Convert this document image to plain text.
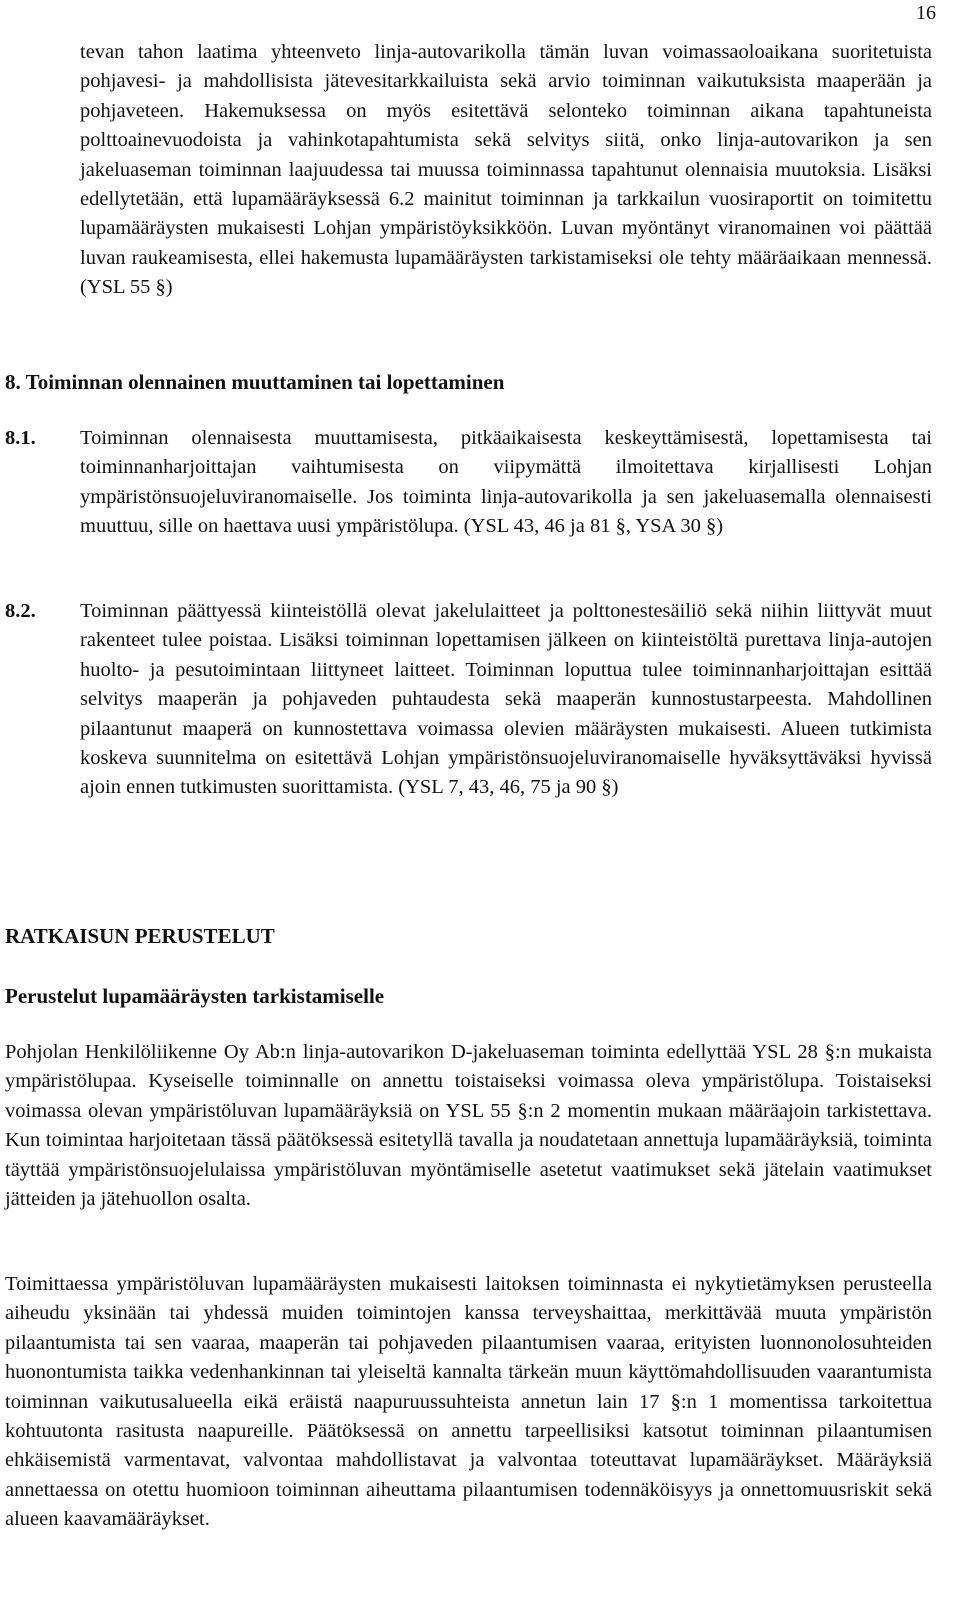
16

tevan tahon laatima yhteenveto linja-autovarikolla tämän luvan voimassaoloaikana suoritetuista pohjavesi- ja mahdollisista jätevesitarkkailuista sekä arvio toiminnan vaikutuksista maaperään ja pohjaveteen. Hakemuksessa on myös esitettävä selonteko toiminnan aikana tapahtuneista polttoainevuodoista ja vahinkotapahtumista sekä selvitys siitä, onko linja-autovarikon ja sen jakeluaseman toiminnan laajuudessa tai muussa toiminnassa tapahtunut olennaisia muutoksia. Lisäksi edellytetään, että lupamääräyksessä 6.2 mainitut toiminnan ja tarkkailun vuosiraportit on toimitettu lupamääräysten mukaisesti Lohjan ympäristöyksikköön. Luvan myöntänyt viranomainen voi päättää luvan raukeamisesta, ellei hakemusta lupamääräysten tarkistamiseksi ole tehty määräaikaan mennessä. (YSL 55 §)

8. Toiminnan olennainen muuttaminen tai lopettaminen

8.1. Toiminnan olennaisesta muuttamisesta, pitkäaikaisesta keskeyttämisestä, lopettamisesta tai toiminnanharjoittajan vaihtumisesta on viipymättä ilmoitettava kirjallisesti Lohjan ympäristönsuojeluviranomaiselle. Jos toiminta linja-autovarikolla ja sen jakeluasemalla olennaisesti muuttuu, sille on haettava uusi ympäristölupa. (YSL 43, 46 ja 81 §, YSA 30 §)

8.2. Toiminnan päättyessä kiinteistöllä olevat jakelulaitteet ja polttonestesäiliö sekä niihin liittyvät muut rakenteet tulee poistaa. Lisäksi toiminnan lopettamisen jälkeen on kiinteistöltä purettava linja-autojen huolto- ja pesutoimintaan liittyneet laitteet. Toiminnan loputtua tulee toiminnanharjoittajan esittää selvitys maaperän ja pohjaveden puhtaudesta sekä maaperän kunnostustarpeesta. Mahdollinen pilaantunut maaperä on kunnostettava voimassa olevien määräysten mukaisesti. Alueen tutkimista koskeva suunnitelma on esitettävä Lohjan ympäristönsuojeluviranomaiselle hyväksyttäväksi hyvissä ajoin ennen tutkimusten suorittamista. (YSL 7, 43, 46, 75 ja 90 §)

RATKAISUN PERUSTELUT

Perustelut lupamääräysten tarkistamiselle

Pohjolan Henkilöliikenne Oy Ab:n linja-autovarikon D-jakeluaseman toiminta edellyttää YSL 28 §:n mukaista ympäristölupaa. Kyseiselle toiminnalle on annettu toistaiseksi voimassa oleva ympäristölupa. Toistaiseksi voimassa olevan ympäristöluvan lupamääräyksiä on YSL 55 §:n 2 momentin mukaan määräajoin tarkistettava. Kun toimintaa harjoitetaan tässä päätöksessä esitetyllä tavalla ja noudatetaan annettuja lupamääräyksiä, toiminta täyttää ympäristönsuojelulaissa ympäristöluvan myöntämiselle asetetut vaatimukset sekä jätelain vaatimukset jätteiden ja jätehuollon osalta.

Toimittaessa ympäristöluvan lupamääräysten mukaisesti laitoksen toiminnasta ei nykytietämyksen perusteella aiheudu yksinään tai yhdessä muiden toimintojen kanssa terveyshaittaa, merkittävää muuta ympäristön pilaantumista tai sen vaaraa, maaperän tai pohjaveden pilaantumisen vaaraa, erityisten luonnonolosuhteiden huonontumista taikka vedenhankinnan tai yleiseltä kannalta tärkeän muun käyttömahdollisuuden vaarantumista toiminnan vaikutusalueella eikä eräistä naapuruussuhteista annetun lain 17 §:n 1 momentissa tarkoitettua kohtuutonta rasitusta naapureille. Päätöksessä on annettu tarpeellisiksi katsotut toiminnan pilaantumisen ehkäisemistä varmentavat, valvontaa mahdollistavat ja valvontaa toteuttavat lupamääräykset. Määräyksiä annettaessa on otettu huomioon toiminnan aiheuttama pilaantumisen todennäköisyys ja onnettomuusriskit sekä alueen kaavamääräykset.
